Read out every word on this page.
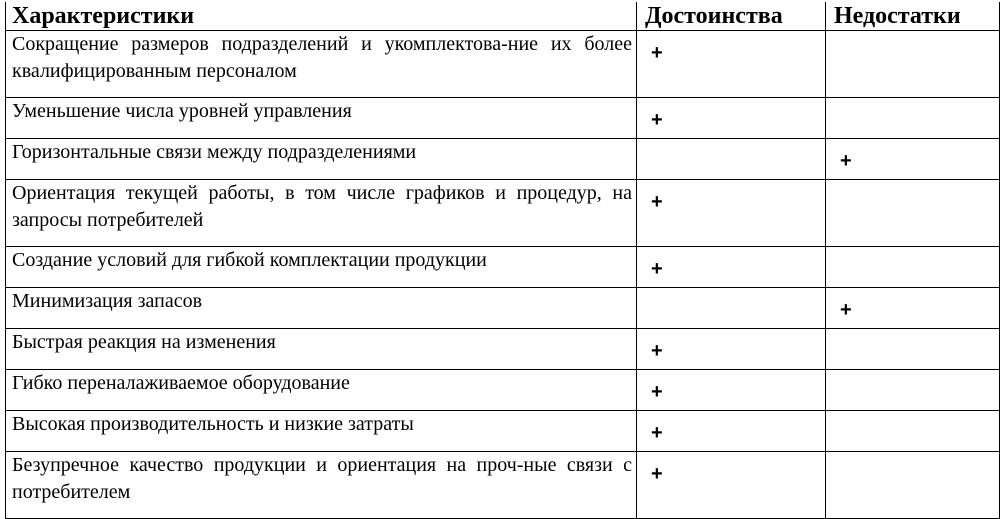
Характеристики	Достоинства	Недостатки
Сокращение размеров подразделений и укомплектова-ние их более квалифицированным персоналом	+	
Уменьшение числа уровней управления	+	
Горизонтальные связи между подразделениями		+
Ориентация текущей работы, в том числе графиков и процедур, на запросы потребителей	+	
Создание условий для гибкой комплектации продукции	+	
Минимизация запасов		+
Быстрая реакция на изменения	+	
Гибко переналаживаемое оборудование	+	
Высокая производительность и низкие затраты	+	
Безупречное качество продукции и ориентация на проч-ные связи с потребителем	+	
